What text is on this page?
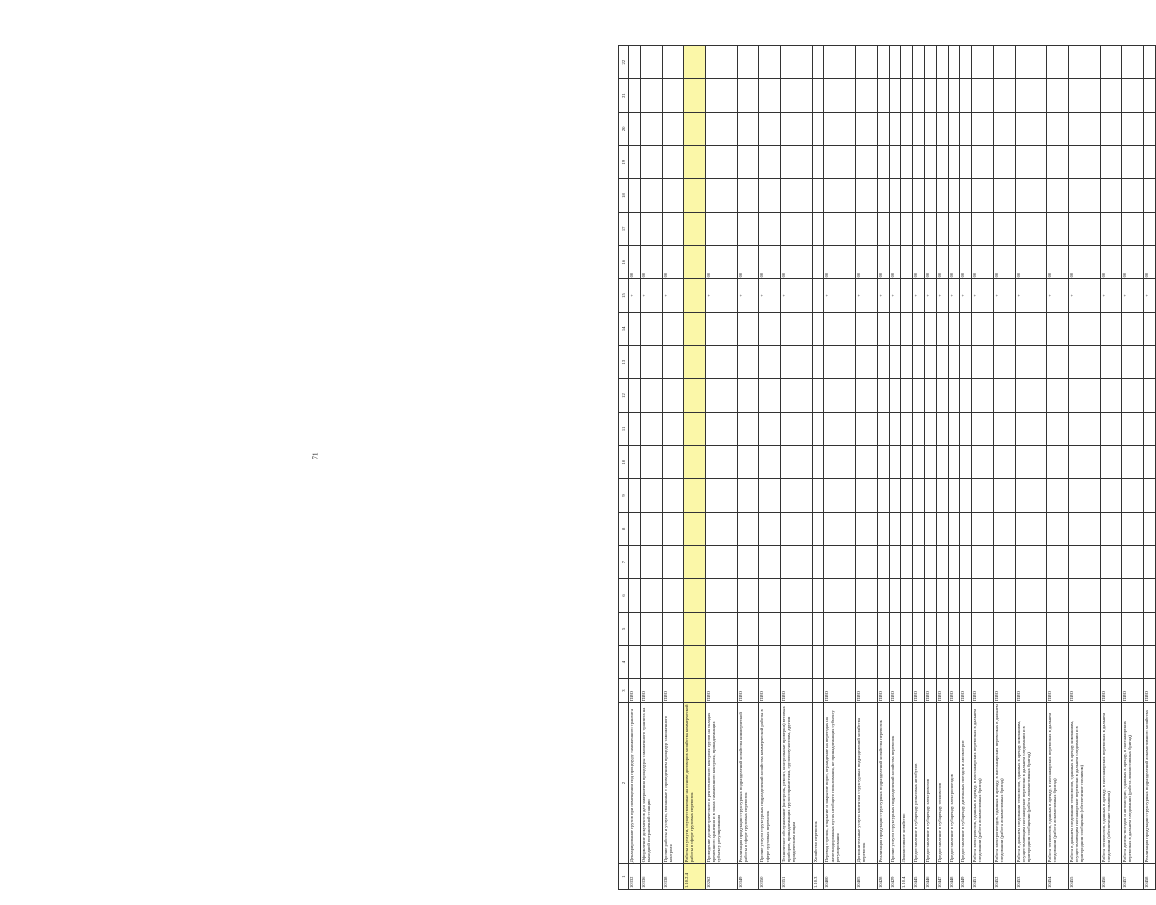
71
1	2	3	4	5	6	7	8	9	10	11	12	13	14	15	16	17	18	19	20	21	22
10332	Декларирование грузов при помещении под процедуру таможенного транзита	ПИО												+	00						
10336	Оформление документов для завершения процедуры таможенного транзита на выходной пограничной станции	ПИО												+	00						
10338	Прочие работы и услуги, связанные с проведением процедур таможенного контроля	ПИО												+	00						
1.10.2.4	Работы и услуги, осуществляемые на основе договоров хозяйства коммерческой работы в сфере грузовых перевозок																				
10262	Проведение дозиметрического и рентгеновского контроля грузов на складах временного хранения и в зонах таможенного контроля, принадлежащих субъекту регулирования	ПИО												+	00						
10349	Реализация продукции структурных подразделений хозяйства коммерческой работы в сфере грузовых перевозок	ПИО												+	00						
10350	Прочие услуги структурных подразделений хозяйства коммерческой работы в сфере грузовых перевозок	ПИО												+	00						
10351	Техническое обслуживание (контроль, ремонт, контрольные проверки) весовых приборов, принадлежащих грузоотправителям, грузополучателям, другим юридическим лицам	ПИО												+	00						
1.10.3	Хозяйство перевозок																				
10400	Перевод стрелок, открытие и закрытие ворот, ограждение на переездах на железнодорожных путях необщего пользования, не принадлежащих субъекту регулирования	ПИО												+	00						
10405	Дополнительные услуги клиентам структурных подразделений хозяйства перевозок	ПИО												+	00						
10428	Реализация продукции структурных подразделений хозяйства перевозок	ПИО												+	00						
10429	Прочие услуги структурных подразделений хозяйства перевозок	ПИО												+	00						
1.10.4	Локомотивное хозяйство																				
10445	Предоставление в субаренду рельсовых автобусов	ПИО												+	00						
10446	Предоставление в субаренду электровозов	ПИО												+	00						
10447	Предоставление в субаренду тепловозов	ПИО												+	00						
10448	Предоставление в субаренду электропоездов	ПИО												+	00						
10449	Предоставление в субаренду дизельных поездов и автомотрис	ПИО												+	00						
10451	Работа электровозов, сданных в аренду, в пассажирских перевозках в дальнем следовании (работа локомотивных бригад)	ПИО												+	00						
10452	Работа электропоездов, сданных в аренду, в пассажирских перевозках в дальнем следовании (работа локомотивных бригад)	ПИО												+	00						
10453	Работа в дальнем следовании тепловозов, сданных в аренду компаниям, осуществляющим пассажирские перевозки в дальнем следовании и в пригородном сообщении (работа локомотивных бригад)	ПИО												+	00						
10454	Работа тепловозов, сданных в аренду, в пассажирских перевозках в дальнем следовании (работа локомотивных бригад)	ПИО												+	00						
10455	Работа в дальнем следовании тепловозов, сданных в аренду компаниям, осуществляющим пассажирские перевозки в дальнем следовании и в пригородном сообщении (обеспечение топливом)	ПИО												+	00						
10456	Работа тепловозов, сданных в аренду, в пассажирских перевозках в дальнем следовании (обеспечение топливом)	ПИО												+	00						
10457	Работа дизель-поездов и автомотрис, сданных в аренду, в пассажирских перевозках в дальнем следовании (работа локомотивных бригад)	ПИО												+	00						
10458	Реализация продукции структурных подразделений локомотивного хозяйства	ПИО												+	00						
